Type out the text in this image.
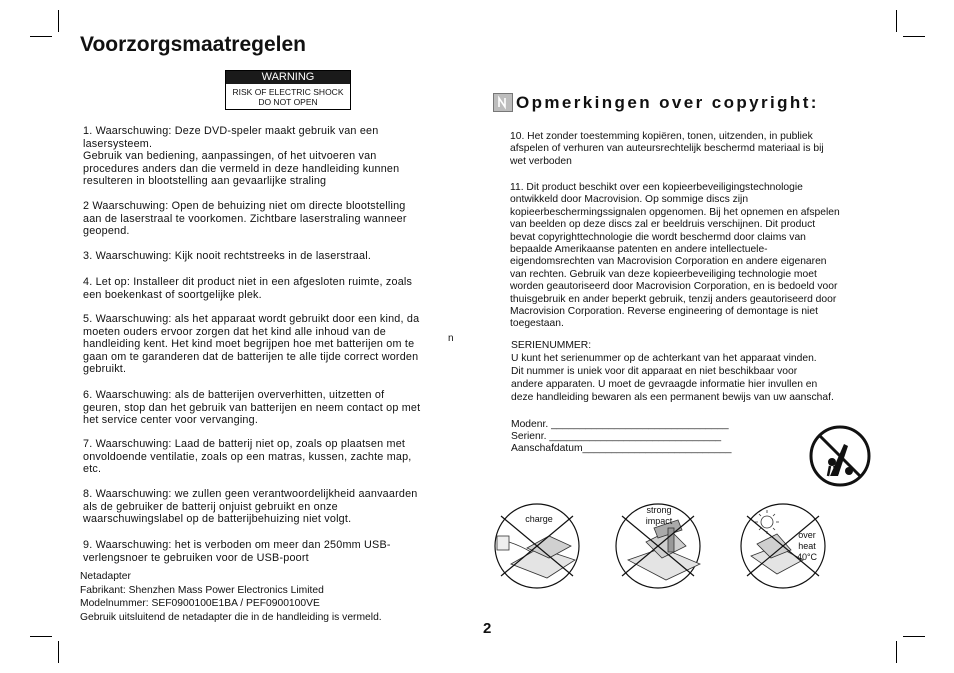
Voorzorgsmaatregelen
WARNING
RISK OF ELECTRIC SHOCK
DO NOT OPEN

1. Waarschuwing: Deze DVD-speler maakt gebruik van een

lasersysteem.

Gebruik van bediening, aanpassingen, of het uitvoeren van

procedures anders dan die vermeld in deze handleiding kunnen

resulteren in blootstelling aan gevaarlijke straling

2 Waarschuwing: Open de behuizing niet om directe blootstelling

aan de laserstraal te voorkomen. Zichtbare laserstraling wanneer

geopend.

3. Waarschuwing: Kijk nooit rechtstreeks in de laserstraal.

4. Let op: Installeer dit product niet in een afgesloten ruimte, zoals

een boekenkast of soortgelijke plek.

5. Waarschuwing: als het apparaat wordt gebruikt door een kind, da

moeten ouders ervoor zorgen dat het kind alle inhoud van de

handleiding kent. Het kind moet begrijpen hoe met batterijen om te

gaan om te garanderen dat de batterijen te alle tijde correct worden

gebruikt.

6. Waarschuwing: als de batterijen oververhitten, uitzetten of

geuren, stop dan het gebruik van batterijen en neem contact op met

het service center voor vervanging.

7. Waarschuwing: Laad de batterij niet op, zoals op plaatsen met

onvoldoende ventilatie, zoals op een matras, kussen, zachte map,

etc.

8. Waarschuwing: we zullen geen verantwoordelijkheid aanvaarden

als de gebruiker de batterij onjuist gebruikt en onze

waarschuwingslabel op de batterijbehuizing niet volgt.

9. Waarschuwing: het is verboden om meer dan 250mm USB-

verlengsnoer te gebruiken voor de USB-poort

n
Netadapter
Fabrikant: Shenzhen Mass Power Electronics Limited
Modelnummer: SEF0900100E1BA / PEF0900100VE
Gebruik uitsluitend de netadapter die in de handleiding is vermeld.
2
Opmerkingen over copyright:

10. Het zonder toestemming kopiëren, tonen, uitzenden, in publiek

afspelen of verhuren van auteursrechtelijk beschermd materiaal is bij

wet verboden

11. Dit product beschikt over een kopieerbeveiligingstechnologie

ontwikkeld door Macrovision. Op sommige discs zijn

kopieerbeschermingssignalen opgenomen. Bij het opnemen en afspelen

van beelden op deze discs zal er beeldruis verschijnen. Dit product

bevat copyrighttechnologie die wordt beschermd door claims van

bepaalde Amerikaanse patenten en andere intellectuele-

eigendomsrechten van Macrovision Corporation en andere eigenaren

van rechten. Gebruik van deze kopieerbeveiliging technologie moet

worden geautoriseerd door Macrovision Corporation, en is bedoeld voor

thuisgebruik en ander beperkt gebruik, tenzij anders geautoriseerd door

Macrovision Corporation. Reverse engineering of demontage is niet

toegestaan.

SERIENUMMER:
U kunt het serienummer op de achterkant van het apparaat vinden.
Dit nummer is uniek voor dit apparaat en niet beschikbaar voor
andere apparaten. U moet de gevraagde informatie hier invullen en
deze handleiding bewaren als een permanent bewijs van uw aanschaf.
Modenr. _______________________________
Serienr. ______________________________
Aanschafdatum__________________________
charge
strong
impact
over
heat
40°C
